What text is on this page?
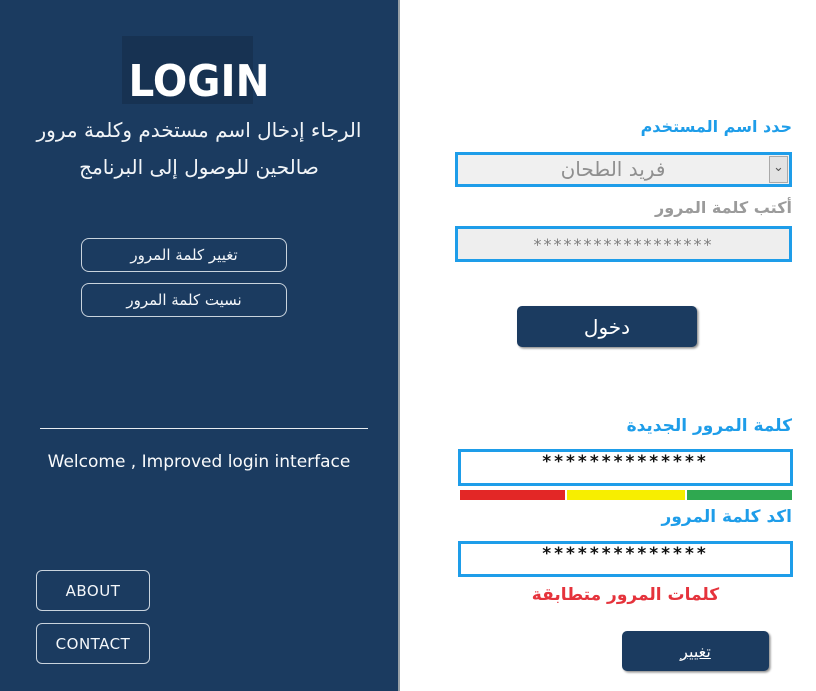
LOGIN

الرجاء إدخال اسم مستخدم وكلمة مرور
صالحين للوصول إلى البرنامج

تغيير كلمة المرور
نسيت كلمة المرور

Welcome , Improved login interface

ABOUT
CONTACT
حدد اسم المستخدم
فريد الطحان	⌄
أكتب كلمة المرور
******************
دخول
كلمة المرور الجديدة
**************
اكد كلمة المرور
**************

كلمات المرور متطابقة

تغيير
